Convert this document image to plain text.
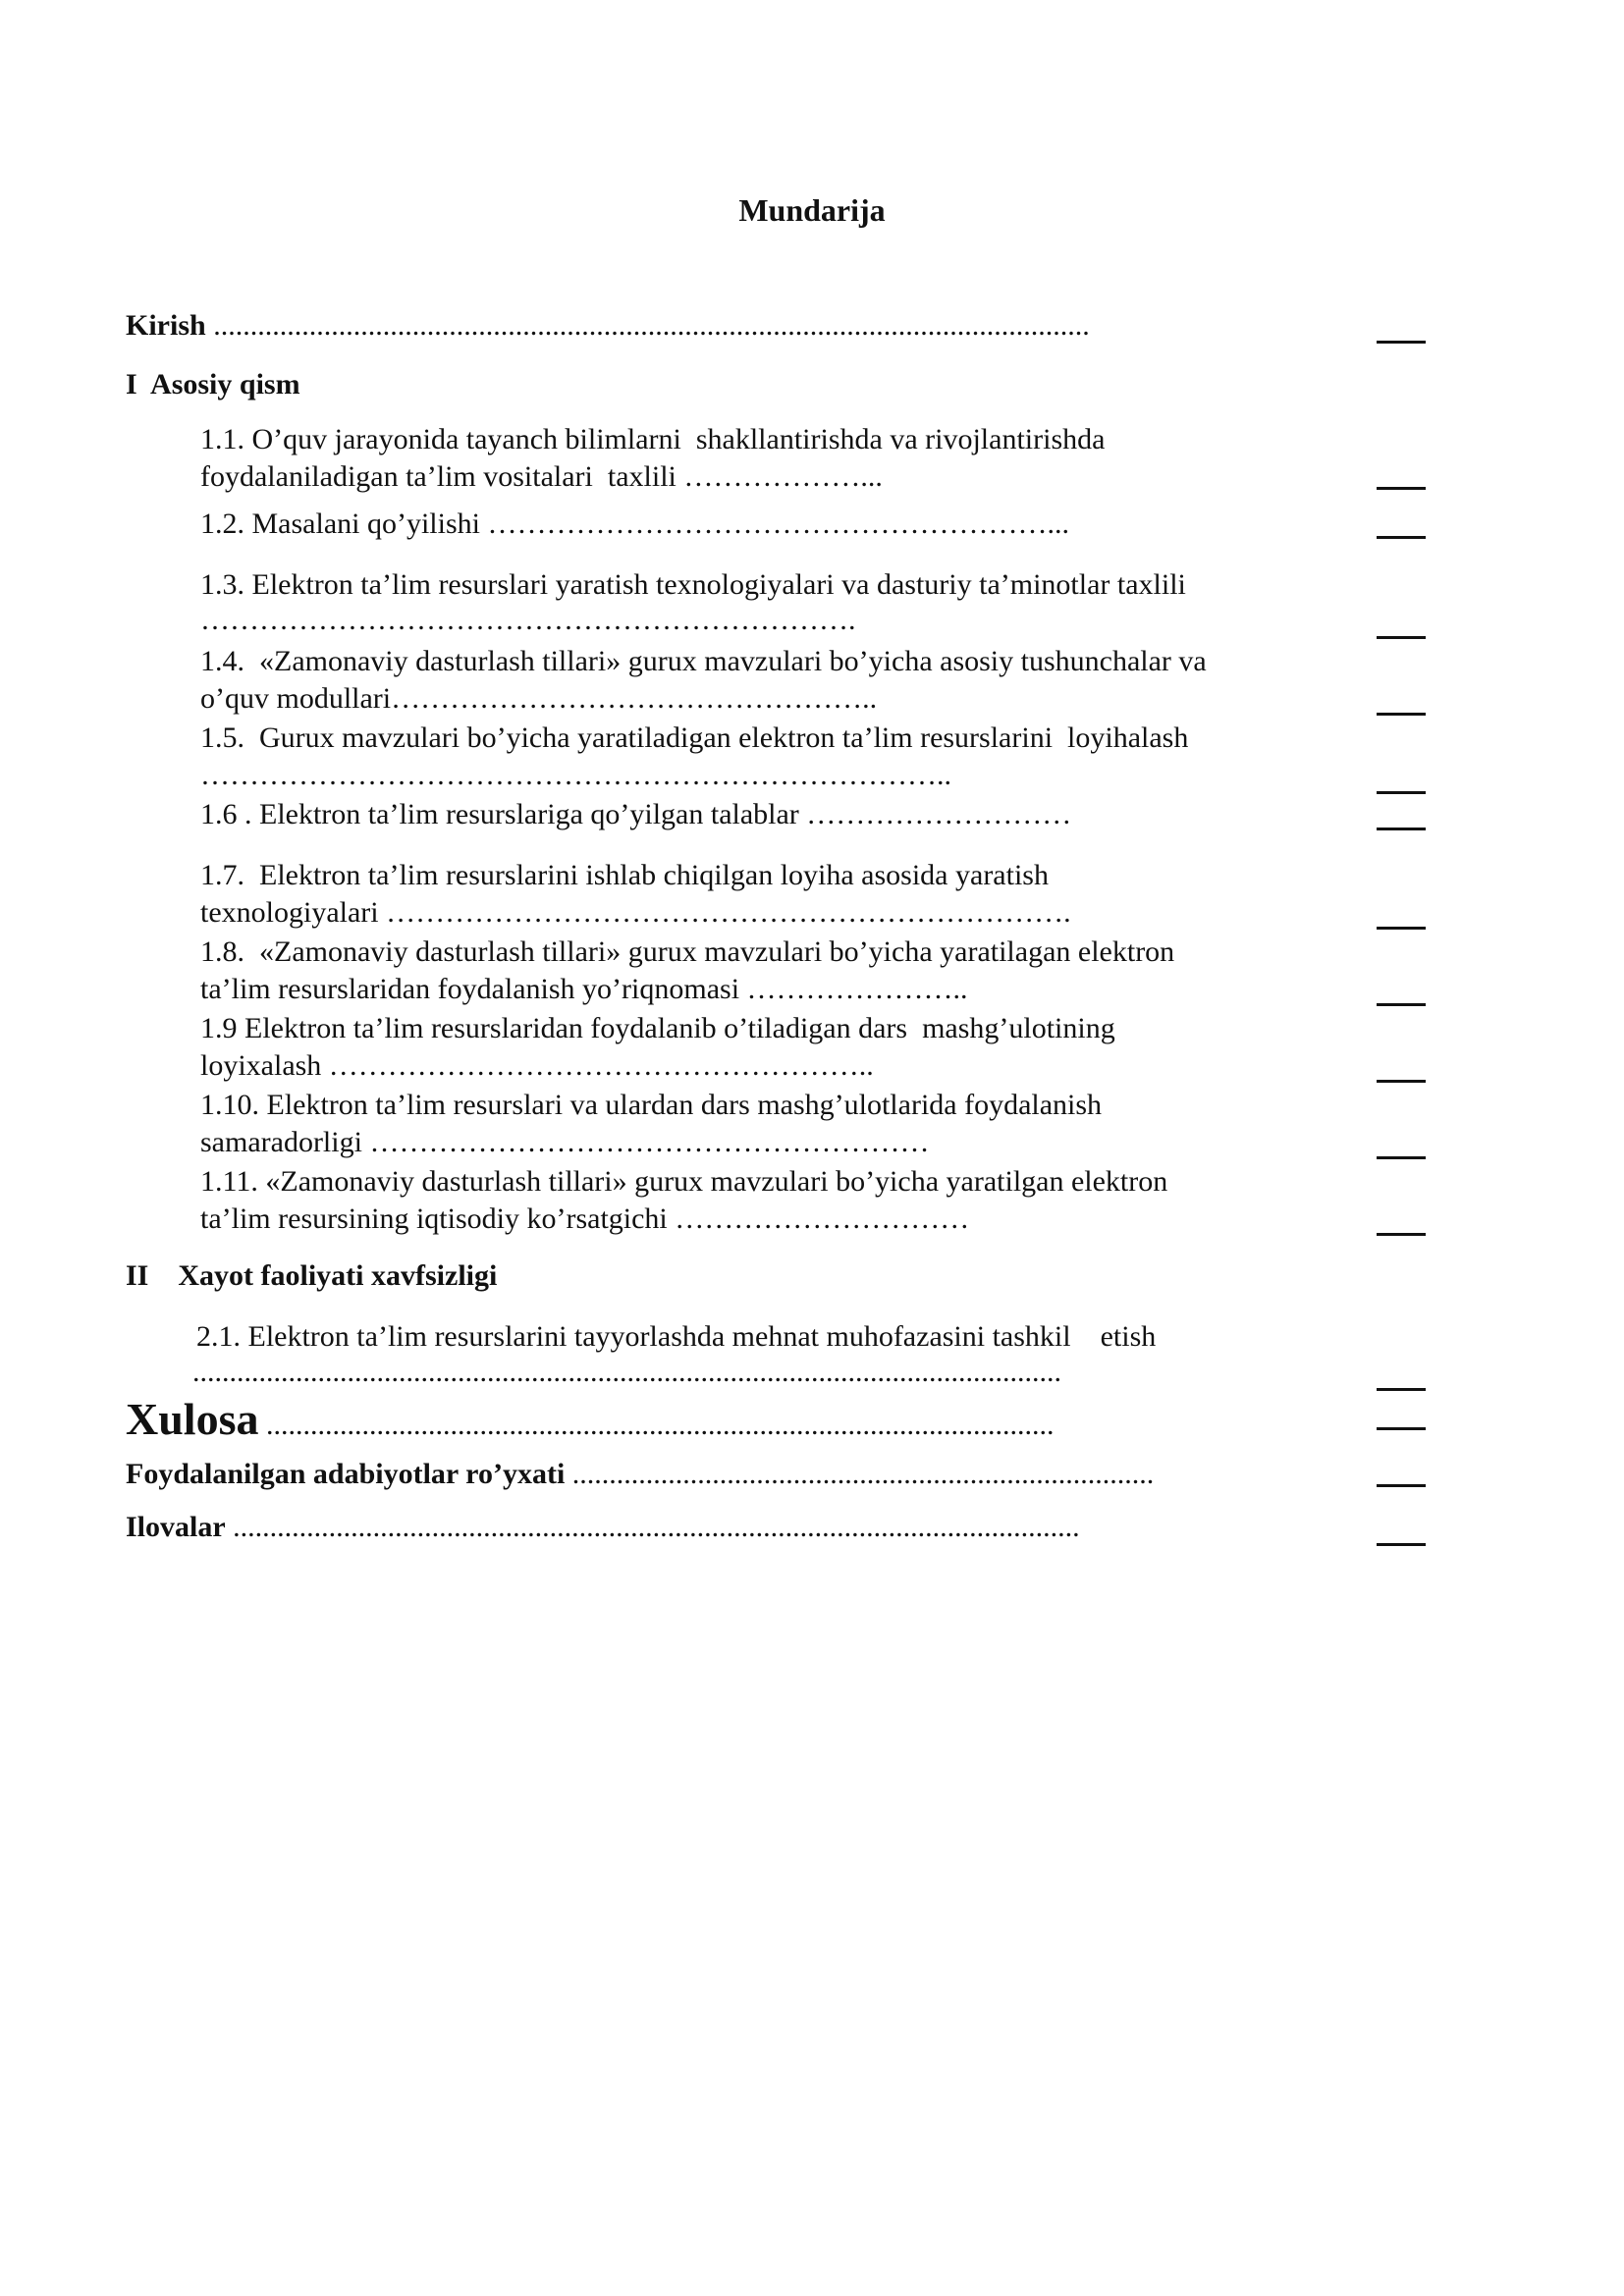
Mundarija
Kirish .......................................................................................................................
I Asosiy qism
1.1. O’quv jarayonida tayanch bilimlarni  shakllantirishda va rivojlantirishda
foydalaniladigan ta’lim vositalari  taxlili ………………...
1.2. Masalani qo’yilishi …………………………………………………...
1.3. Elektron ta’lim resurslari yaratish texnologiyalari va dasturiy ta’minotlar taxlili
………………………………………………………….
1.4.  «Zamonaviy dasturlash tillari» gurux mavzulari bo’yicha asosiy tushunchalar va
o’quv modullari…………………………………………..
1.5.  Gurux mavzulari bo’yicha yaratiladigan elektron ta’lim resurslarini  loyihalash
…………………………………………………………………..
1.6 . Elektron ta’lim resurslariga qo’yilgan talablar ………………………
1.7.  Elektron ta’lim resurslarini ishlab chiqilgan loyiha asosida yaratish
texnologiyalari …………………………………………………………….
1.8.  «Zamonaviy dasturlash tillari» gurux mavzulari bo’yicha yaratilagan elektron
ta’lim resurslaridan foydalanish yo’riqnomasi …………………..
1.9 Elektron ta’lim resurslaridan foydalanib o’tiladigan dars  mashg’ulotining
loyixalash ………………………………………………..
1.10. Elektron ta’lim resurslari va ulardan dars mashg’ulotlarida foydalanish
samaradorligi …………………………………………………
1.11. «Zamonaviy dasturlash tillari» gurux mavzulari bo’yicha yaratilgan elektron
ta’lim resursining iqtisodiy ko’rsatgichi …………………………
II Xayot faoliyati xavfsizligi
2.1. Elektron ta’lim resurslarini tayyorlashda mehnat muhofazasini tashkil    etish
......................................................................................................................
Xulosa ...........................................................................................................
Foydalanilgan adabiyotlar ro’yxati ...............................................................................
Ilovalar ...................................................................................................................
